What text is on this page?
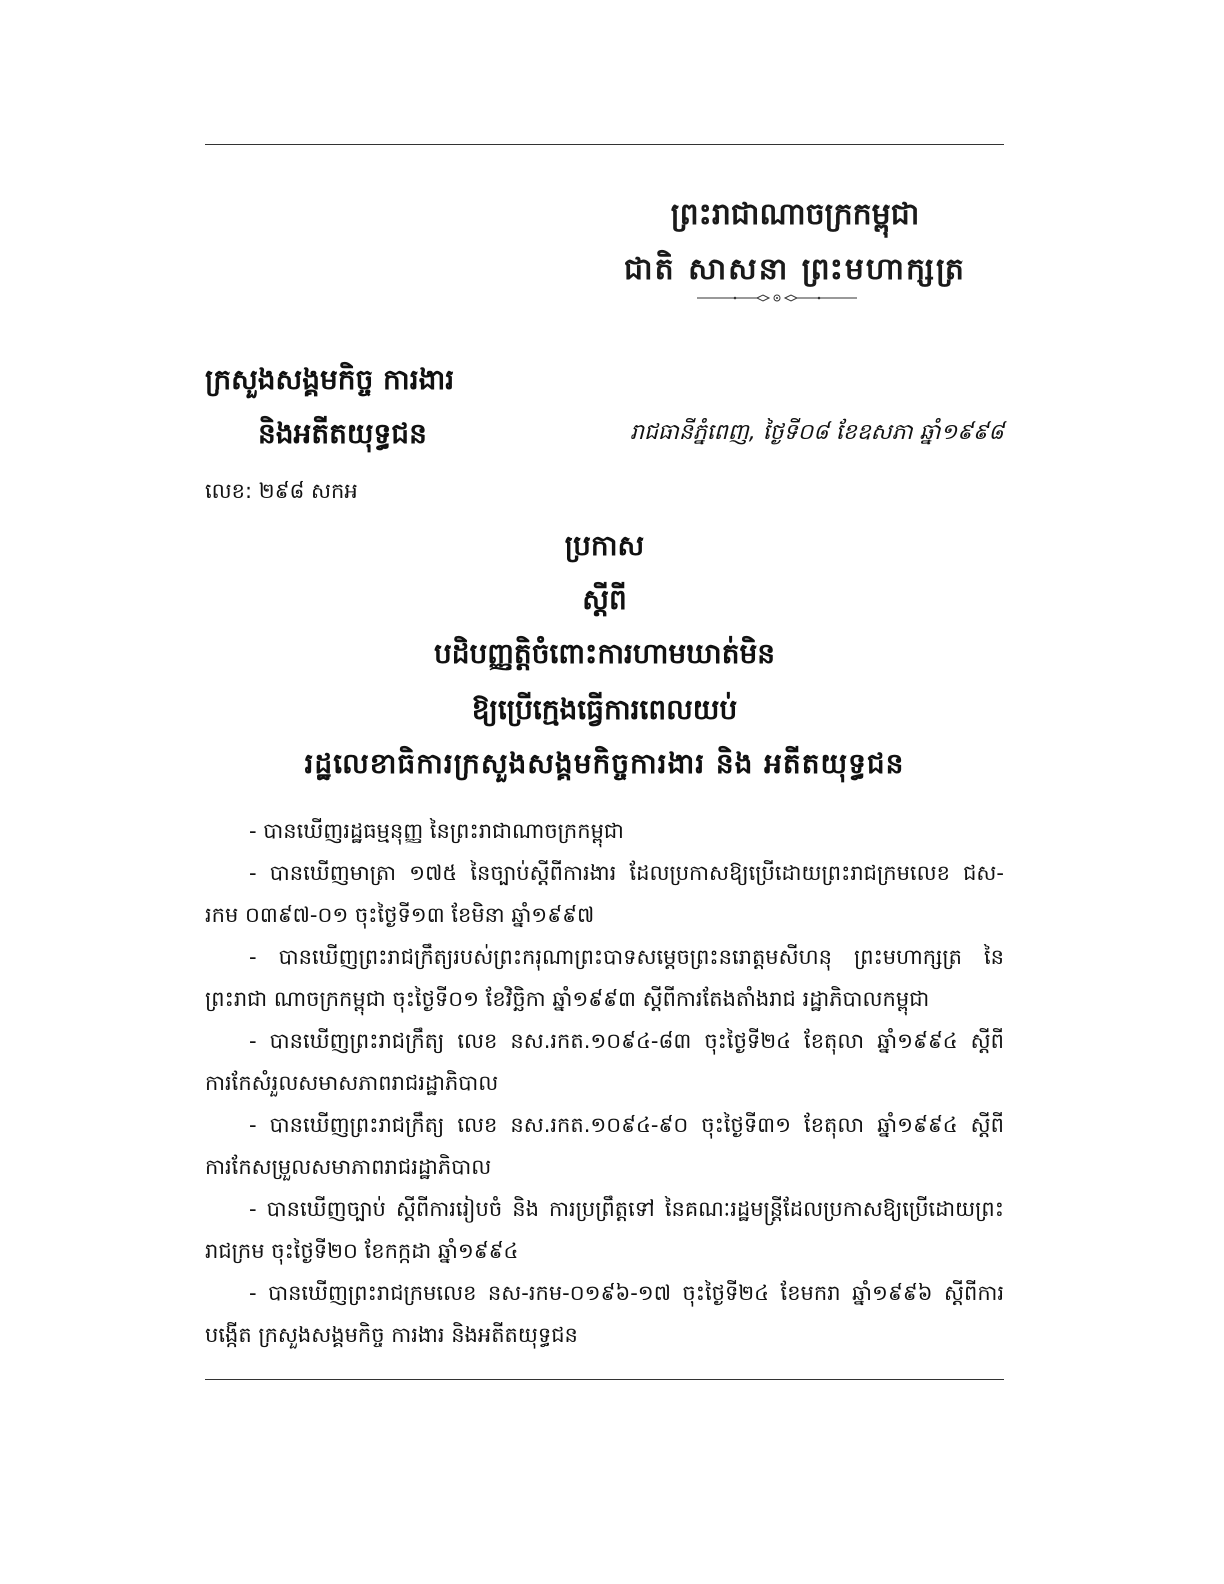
ព្រះរាជាណាចក្រកម្ពុជា
ជាតិ សាសនា ព្រះមហាក្សត្រ
ក្រសួងសង្គមកិច្ច ការងារ
និងអតីតយុទ្ធជន	រាជធានីភ្នំពេញ, ថ្ងៃទី០៨ ខែឧសភា ឆ្នាំ១៩៩៨
លេខ: ២៩៨ សកអ
ប្រកាស
ស្តីពី
បដិបញ្ញត្តិចំពោះការហាមឃាត់មិន
ឱ្យប្រើក្មេងធ្វើការពេលយប់
រដ្ឋលេខាធិការក្រសួងសង្គមកិច្ចការងារ និង អតីតយុទ្ធជន

- បានឃើញរដ្ឋធម្មនុញ្ញ នៃព្រះរាជាណាចក្រកម្ពុជា

- បានឃើញមាត្រា ១៧៥ នៃច្បាប់ស្តីពីការងារ ដែលប្រកាសឱ្យប្រើដោយព្រះរាជក្រមលេខ ជស-រកម ០៣៩៧-០១ ចុះថ្ងៃទី១៣ ខែមិនា ឆ្នាំ១៩៩៧

- បានឃើញព្រះរាជក្រឹត្យរបស់ព្រះករុណាព្រះបាទសម្តេចព្រះនរោត្តមសីហនុ ព្រះមហាក្សត្រ នៃព្រះរាជា ណាចក្រកម្ពុជា ចុះថ្ងៃទី០១ ខែវិច្ឆិកា ឆ្នាំ១៩៩៣ ស្តីពីការតែងតាំងរាជ រដ្ឋាភិបាលកម្ពុជា

- បានឃើញព្រះរាជក្រឹត្យ លេខ នស.រកត.១០៩៤-៨៣ ចុះថ្ងៃទី២៤ ខែតុលា ឆ្នាំ១៩៩៤ ស្តីពីការកែសំរួលសមាសភាពរាជរដ្ឋាភិបាល

- បានឃើញព្រះរាជក្រឹត្យ លេខ នស.រកត.១០៩៤-៩០ ចុះថ្ងៃទី៣១ ខែតុលា ឆ្នាំ១៩៩៤ ស្តីពីការកែសម្រួលសមាភាពរាជរដ្ឋាភិបាល

- បានឃើញច្បាប់ ស្តីពីការរៀបចំ និង ការប្រព្រឹត្តទៅ នៃគណៈរដ្ឋមន្ត្រីដែលប្រកាសឱ្យប្រើដោយព្រះរាជក្រម ចុះថ្ងៃទី២០ ខែកក្កដា ឆ្នាំ១៩៩៤

- បានឃើញព្រះរាជក្រមលេខ នស-រកម-០១៩៦-១៧ ចុះថ្ងៃទី២៤ ខែមករា ឆ្នាំ១៩៩៦ ស្តីពីការបង្កើត ក្រសួងសង្គមកិច្ច ការងារ និងអតីតយុទ្ធជន
